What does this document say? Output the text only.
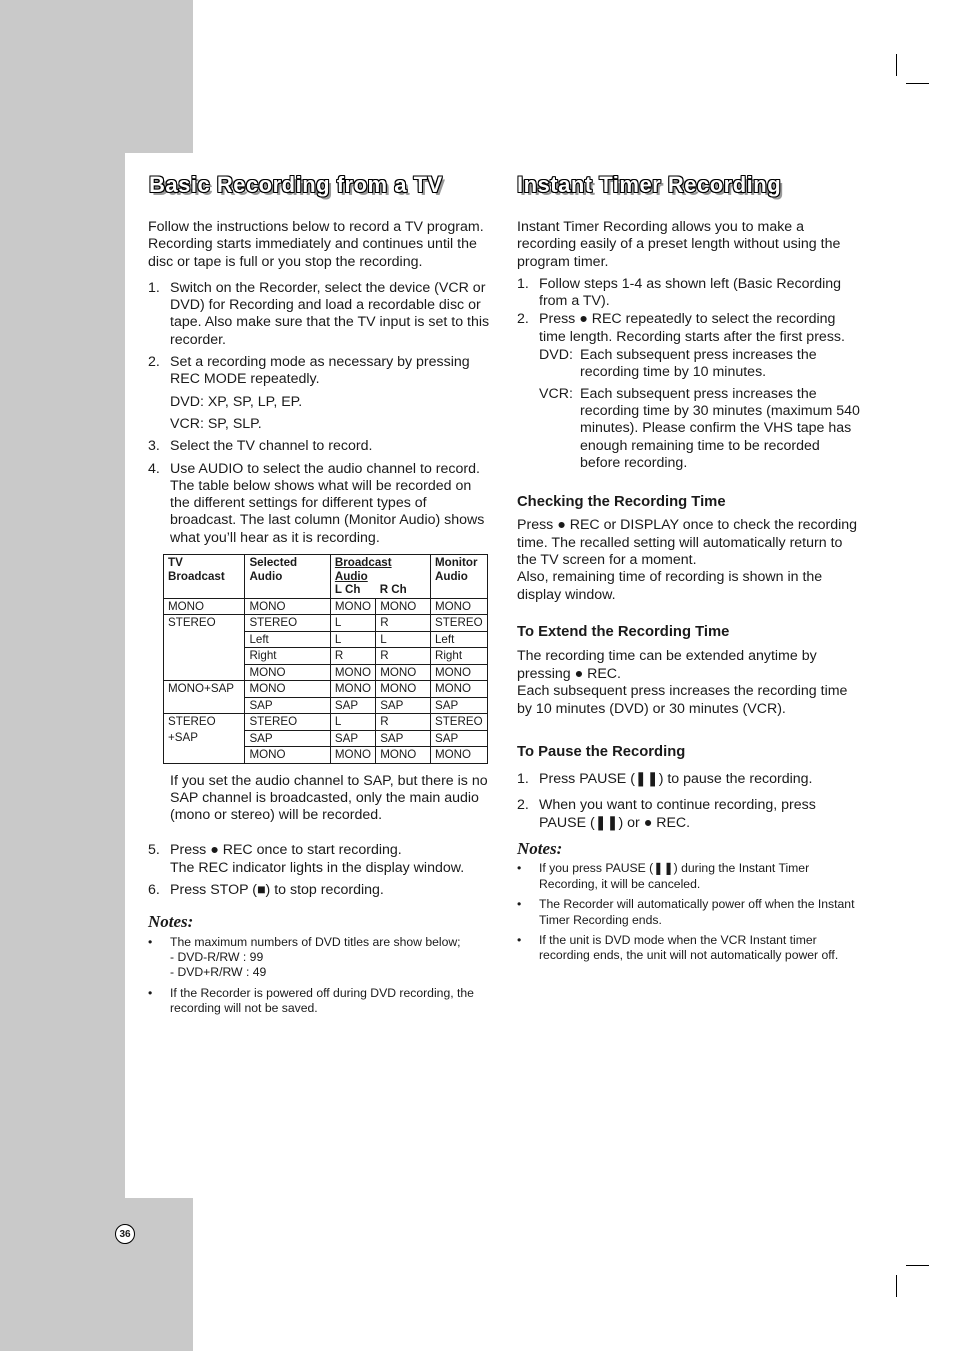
Basic Recording from a TV

Follow the instructions below to record a TV program. Recording starts immediately and continues until the disc or tape is full or you stop the recording.

1. Switch on the Recorder, select the device (VCR or DVD) for Recording and load a recordable disc or tape. Also make sure that the TV input is set to this recorder.
2. Set a recording mode as necessary by pressing REC MODE repeatedly.
DVD: XP, SP, LP, EP.
VCR: SP, SLP.
3. Select the TV channel to record.
4. Use AUDIO to select the audio channel to record. The table below shows what will be recorded on the different settings for different types of broadcast. The last column (Monitor Audio) shows what you’ll hear as it is recording.
TV Broadcast	Selected Audio	Broadcast Audio		Monitor Audio
		L Ch	R Ch	
MONO	MONO	MONO	MONO	MONO
STEREO	STEREO	L	R	STEREO
	Left	L	L	Left
	Right	R	R	Right
	MONO	MONO	MONO	MONO
MONO+SAP	MONO	MONO	MONO	MONO
	SAP	SAP	SAP	SAP
STEREO	STEREO	L	R	STEREO
+SAP	SAP	SAP	SAP	SAP
	MONO	MONO	MONO	MONO

If you set the audio channel to SAP, but there is no SAP channel is broadcasted, only the main audio (mono or stereo) will be recorded.

5. Press ● REC once to start recording.
The REC indicator lights in the display window.
6. Press STOP (■) to stop recording.
Notes:
• The maximum numbers of DVD titles are show below;
- DVD-R/RW : 99
- DVD+R/RW : 49
• If the Recorder is powered off during DVD recording, the recording will not be saved.
Instant Timer Recording

Instant Timer Recording allows you to make a recording easily of a preset length without using the program timer.

1. Follow steps 1-4 as shown left (Basic Recording from a TV).
2. Press ● REC repeatedly to select the recording time length. Recording starts after the first press.
DVD: Each subsequent press increases the recording time by 10 minutes.
VCR: Each subsequent press increases the recording time by 30 minutes (maximum 540 minutes). Please confirm the VHS tape has enough remaining time to be recorded before recording.
Checking the Recording Time

Press ● REC or DISPLAY once to check the recording time. The recalled setting will automatically return to the TV screen for a moment.

Also, remaining time of recording is shown in the display window.

To Extend the Recording Time

The recording time can be extended anytime by pressing ● REC.

Each subsequent press increases the recording time by 10 minutes (DVD) or 30 minutes (VCR).

To Pause the Recording
1. Press PAUSE (❚❚) to pause the recording.
2. When you want to continue recording, press PAUSE (❚❚) or ● REC.
Notes:
• If you press PAUSE (❚❚) during the Instant Timer Recording, it will be canceled.
• The Recorder will automatically power off when the Instant Timer Recording ends.
• If the unit is DVD mode when the VCR Instant timer recording ends, the unit will not automatically power off.
36
